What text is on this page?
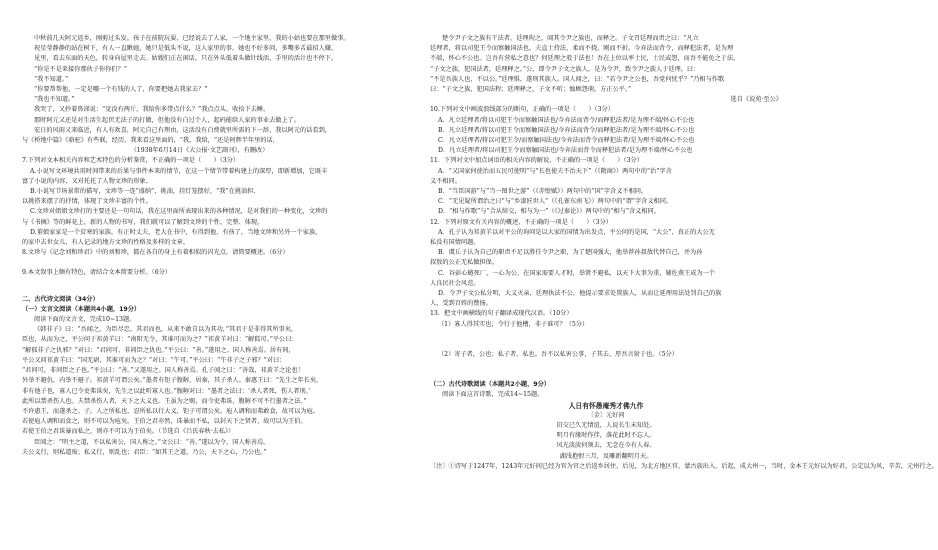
中秋前几天阿元返乡，刚剪过头发。孩子在前院玩耍，已经说去了人家，一个地主家里，我的小姑也要在那里做事。

祝星莹静静的站在树下，有人一直瞅她，她只是低头不说，这人家里的事，她也不好多问，多嘴多舌最招人嫌，

见里，看去东面的天色，转身向屋里走去。姑嫂们正在闲话，只在外头低着头做针线活，手里的活计也不停下。

“你是不是来接你那伙子你你们？”

“我不知道。”

“你要帮帮他，一定是哪一个有钱的人了，你要把她去我家去？”

“我也不知道。”

我哭了，又抄着鼻涕说：“觉没有两斤，我给你多带点什么？”我点点头，收拾下去睡。

那时阿元又还是对生活生起伏无法子的打做，但他没有白过个人，起码能给人家的事业去做上了。

宏日的风雨又来临近，有人有欢喜，阿元自己有理由，这活没有白费就里所需的下一辞，我以阿元的话看到，

与《桥地中篇》《骆驼》有些联，经历，我来看这里面的，“我，我给，“还是阿辉半年里的话，

（1938年6月14日《大公报·文艺副刊》，有删改）

7.下列对文本相关内容和艺术特色的分析鉴赏，不正确的一项是（　　）（3分）

A.小说写文环境共用时间带来的后果与事件本来的情节，在这一个情节带着构建上的深厚，即新增加，它既丰

富了小说的内容，又对托托了人物文珍的形象。

B.小说写节场景常的描写，文珍等一连“盛纳”、挑油，挂灯笼摆好，“我”在挑油担、

以挑搭来摆了的抒情，体现了文珍丰富的个性。

C.文珍对姐姐文珍打的主要还是一句句话，我在这里面所表现出来的各种情况，是对我们的一种变化，文珍的

与《书摘》等的鲜花上，新的人物的书写，我们就可以了解到文珍的个性、完整、体现。

D.董娘家家是一个贫寒的家族，有正时丈夫，老大在书中，有得到他，有孩了，当地文珍和另外一个家族，

的家中去世女儿，有人记录的地方文珍的性格及多样的文章。

8.文珍与《记念刘和珍君》中的刘和珍，都在各自的身上有着相似的闪光点，请简要概述。（6分）

9.本文叙事上颇有特色，请结合文本简要分析。（6分）

二、古代诗文阅读（34分）

（一）文言文阅读（本题共4小题，19分）

阅读下面的文言文，完成10~13题。

《韩非子》曰：“吾闻之，为臣尽忠，其君而也，从来不敢自以为其功，”其君于是非得其所事矣，

臣也，从而为之，平公问于祁黄羊曰：“南阳无令，其谁可而为之？”祁黄羊对曰：“解狐可。”平公曰：

“解狐非子之仇邪？”对曰：“君问可，非问臣之仇也。”平公曰：“善。”遂用之。国人称善焉。居有间，

平公又问祁黄羊曰：“国无尉，其谁可而为之？”对曰：“午可。”平公曰：“午非子之子邪？”对曰：

“君问可，非问臣之子也。”平公曰：“善。”又遂用之。国人称善焉。孔子闻之曰：“善哉，祁黄羊之论也！

外举不避仇，内举不避子。祁黄羊可谓公矣。”墨者有钜子腹䵍，居秦，其子杀人。秦惠王曰：“先生之年长矣，

非有他子也，寡人已令吏弗诛矣，先生之以此听寡人也。”腹䵍对曰：“墨者之法曰：‘杀人者死，伤人者刑。’

此所以禁杀伤人也。夫禁杀伤人者，天下之大义也。王虽为之赐，而令吏弗诛，腹䵍不可不行墨者之法。”

不许惠王，而遂杀之。子，人之所私也，忍所私以行大义，钜子可谓公矣。庖人调和而弗敢食，故可以为庖。

若使庖人调和而食之，则不可以为庖矣。王伯之君亦然，诛暴而不私，以封天下之贤者，故可以为王伯。

若使王伯之君诛暴而私之，则亦不可以为王伯矣。（节选自《吕氏春秋·去私》）

臣闻之：“明主之道，不以私害公，国人称之。”文公曰：“善。”遂以为令，国人称善焉。

夫公义行，则私道废；私义行，则乱也；君臣：“如其王之道，乃公，天下之心，乃公也。”

楚令尹子文之族有干法者，廷理拘之，闻其令尹之族也，而释之。子文召廷理而责之曰：“凡立

廷理者，将以司犯王令而察触国法也。夫直士持法，柔而不挠，刚而不折。今弃法而背令，而释犯法者，是为理

不端，怀心不公也。岂吾有营私之意也？何廷理之驳于法也！吾在上位以率士民，士民或怨，而吾不能免之于法。

“子文之族，犯国法者，廷理释之。”公，即令尹子文之族人，是为令尹，致令尹之族人于廷理。曰：

“不是吾族人也，不以公。”廷理惧，遂刑其族人。国人闻之，曰：“若令尹之公也，吾党何忧乎？”乃相与作歌

曰：“子文之族，犯国法程；廷理释之，子文不听；恤顾怨萌，方正公平。”

选自《说苑·至公》

10.下列对文中画波浪线部分的断句，正确的一项是（　　）（3分）

A．凡立廷理者/将以司犯王令而察触国法也/今弃法而背令/而释犯法者/是为理不端/怀心不公也

B．凡立廷理者/将以司犯王令而察触国法也/今弃法而背令/而释犯法者/是为理不端/怀心不公也

C．凡立廷理者/将以司犯王令/而察触国法也/今弃法而背令而释犯法者/是为理不端/怀心不公也

D．凡立廷理者/将以司犯王令而察触国法也/今弃法而背令而释犯法者/是为理不端/怀心不公也

11．下列对文中加点词语的相关内容的解说，不正确的一项是（　　）（3分）

A．“又国家何使治而五民可使明”与“长也使夫不治天下”（《隋商》）两句中的“治”字含

义不相同。

B．“当臣国游”与“当一图世之游”（《赤壁赋》）两句中的“国”字含义不相同。

C．“无见疑所谓治之日”与“乡漆匠世人”（《孔雀东南飞》）两句中的“谓”字含义相同。

D．“相与作歌”与“合从缔交，相与为一”（《过秦论》）两句中的“相与”含义相同。

12．下列对原文有关内容的概述，不正确的一项是（　　）（3分）

A．孔子认为祁黄羊以对平公的询问是以大家的国情为出发点，平公问的是国，“大公”，真正的大公无

私没有国情问题。

B．虞丘子认为自己的职责不足以胜任令尹之职，为了楚国强大，他举荐孙叔敖代替自己，并为孙

叔敖的公正无私做担保。

C．谷彭心蜷死厂，一心为公，在国家需要人才时，举贤不避私，以天下大事为重，辅佐燕王成为一个

人良民社会风范。

D．令尹子文公私分明，大义灭亲，廷理执法不公，他提示要求处置族人，从而让延理用法处罚自己的族

人，受到百姓的赞扬。

13．把文中画横线的句子翻译成现代汉语。（10分）

（1）寡人得其实也，令行于他槽，非子谁可？（5分）

（2）寄子者，公也；私子者，私也。吾不以私害公事，子其去，厚吾言射于也。（5分）

（二）古代诗歌阅读（本题共2小题，9分）

阅读下面这首诗歌，完成14~15题。

人日有怀愚庵秀才佛九作

〔金〕元好问

旧交已久无情谊，人说长生未知处。

明月有缘时作伴，落花此时不忘人。

风光淡淡何须去，无念在今有人春。

湖浅抱恨三月，及雕新翻明月天。

〔注〕①诗写于1247年，1243年元好问已经为官为官之后返乡居住，后见，为北方地区官，蒙古族出入，后起，成大州一，当时，金本王元好以为好君，公定以为风，辛苦，元州行之。
